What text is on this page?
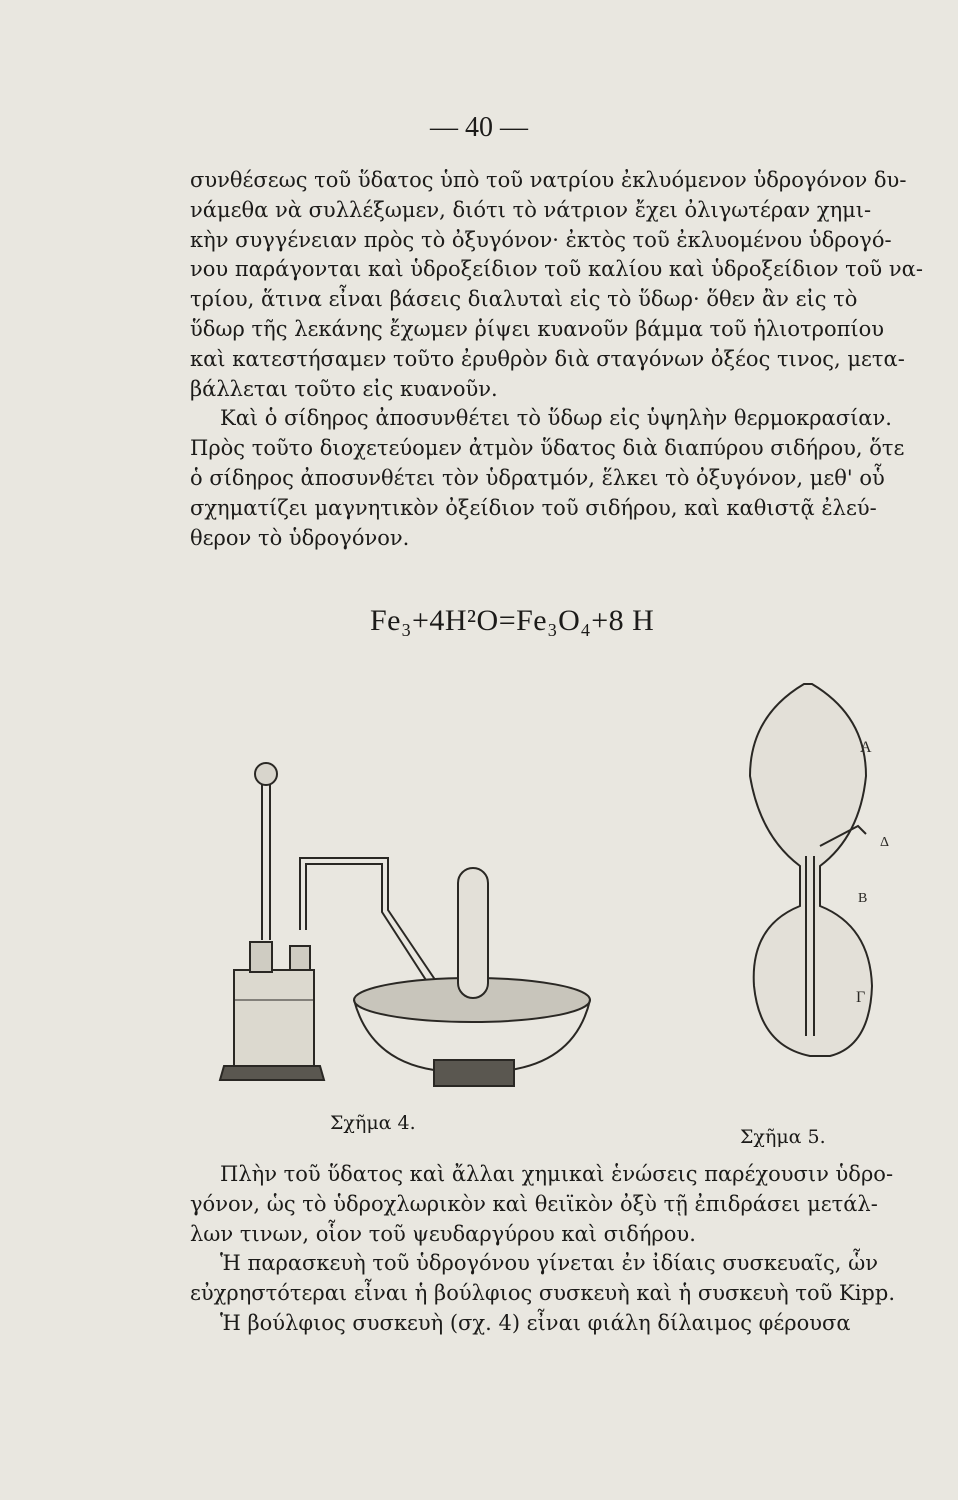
— 40 —
συνθέσεως τοῦ ὕδατος ὑπὸ τοῦ νατρίου ἐκλυόμενον ὑδρογόνον δυ-
νάμεθα νὰ συλλέξωμεν, διότι τὸ νάτριον ἔχει ὀλιγωτέραν χημι-
κὴν συγγένειαν πρὸς τὸ ὀξυγόνον· ἐκτὸς τοῦ ἐκλυομένου ὑδρογό-
νου παράγονται καὶ ὑδροξείδιον τοῦ καλίου καὶ ὑδροξείδιον τοῦ να-
τρίου, ἅτινα εἶναι βάσεις διαλυταὶ εἰς τὸ ὕδωρ· ὅθεν ἂν εἰς τὸ
ὕδωρ τῆς λεκάνης ἔχωμεν ῥίψει κυανοῦν βάμμα τοῦ ἡλιοτροπίου
καὶ κατεστήσαμεν τοῦτο ἐρυθρὸν διὰ σταγόνων ὀξέος τινος, μετα-
βάλλεται τοῦτο εἰς κυανοῦν.
Καὶ ὁ σίδηρος ἀποσυνθέτει τὸ ὕδωρ εἰς ὑψηλὴν θερμοκρασίαν.
Πρὸς τοῦτο διοχετεύομεν ἀτμὸν ὕδατος διὰ διαπύρου σιδήρου, ὅτε
ὁ σίδηρος ἀποσυνθέτει τὸν ὑδρατμόν, ἕλκει τὸ ὀξυγόνον, μεθ' οὗ
σχηματίζει μαγνητικὸν ὀξείδιον τοῦ σιδήρου, καὶ καθιστᾷ ἐλεύ-
θερον τὸ ὑδρογόνον.
Fe₃+4H²O=Fe₃O₄+8 H
A
Δ
B
Γ
Σχῆμα 4.
Σχῆμα 5.
Πλὴν τοῦ ὕδατος καὶ ἄλλαι χημικαὶ ἑνώσεις παρέχουσιν ὑδρο-
γόνον, ὡς τὸ ὑδροχλωρικὸν καὶ θειϊκὸν ὀξὺ τῇ ἐπιδράσει μετάλ-
λων τινων, οἷον τοῦ ψευδαργύρου καὶ σιδήρου.
Ἡ παρασκευὴ τοῦ ὑδρογόνου γίνεται ἐν ἰδίαις συσκευαῖς, ὧν
εὐχρηστότεραι εἶναι ἡ βούλφιος συσκευὴ καὶ ἡ συσκευὴ τοῦ Kipp.
Ἡ βούλφιος συσκευὴ (σχ. 4) εἶναι φιάλη δίλαιμος φέρουσα
